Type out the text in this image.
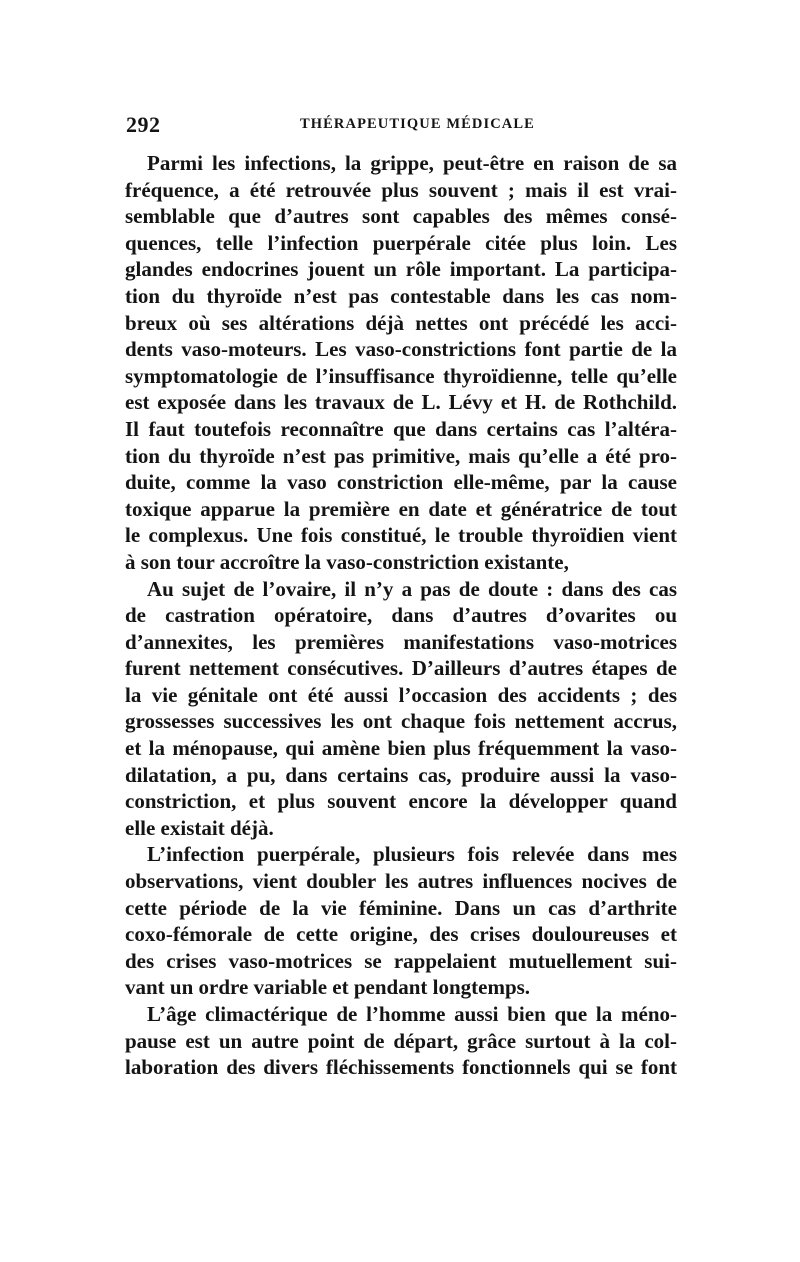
292	THÉRAPEUTIQUE MÉDICALE
Parmi les infections, la grippe, peut-être en raison de sa
fréquence, a été retrouvée plus souvent ; mais il est vrai-
semblable que d’autres sont capables des mêmes consé-
quences, telle l’infection puerpérale citée plus loin. Les
glandes endocrines jouent un rôle important. La participa-
tion du thyroïde n’est pas contestable dans les cas nom-
breux où ses altérations déjà nettes ont précédé les acci-
dents vaso-moteurs. Les vaso-constrictions font partie de la
symptomatologie de l’insuffisance thyroïdienne, telle qu’elle
est exposée dans les travaux de L. Lévy et H. de Rothchild.
Il faut toutefois reconnaître que dans certains cas l’altéra-
tion du thyroïde n’est pas primitive, mais qu’elle a été pro-
duite, comme la vaso constriction elle-même, par la cause
toxique apparue la première en date et génératrice de tout
le complexus. Une fois constitué, le trouble thyroïdien vient
à son tour accroître la vaso-constriction existante,
Au sujet de l’ovaire, il n’y a pas de doute : dans des cas
de castration opératoire, dans d’autres d’ovarites ou
d’annexites, les premières manifestations vaso-motrices
furent nettement consécutives. D’ailleurs d’autres étapes de
la vie génitale ont été aussi l’occasion des accidents ; des
grossesses successives les ont chaque fois nettement accrus,
et la ménopause, qui amène bien plus fréquemment la vaso-
dilatation, a pu, dans certains cas, produire aussi la vaso-
constriction, et plus souvent encore la développer quand
elle existait déjà.
L’infection puerpérale, plusieurs fois relevée dans mes
observations, vient doubler les autres influences nocives de
cette période de la vie féminine. Dans un cas d’arthrite
coxo-fémorale de cette origine, des crises douloureuses et
des crises vaso-motrices se rappelaient mutuellement sui-
vant un ordre variable et pendant longtemps.
L’âge climactérique de l’homme aussi bien que la méno-
pause est un autre point de départ, grâce surtout à la col-
laboration des divers fléchissements fonctionnels qui se font
